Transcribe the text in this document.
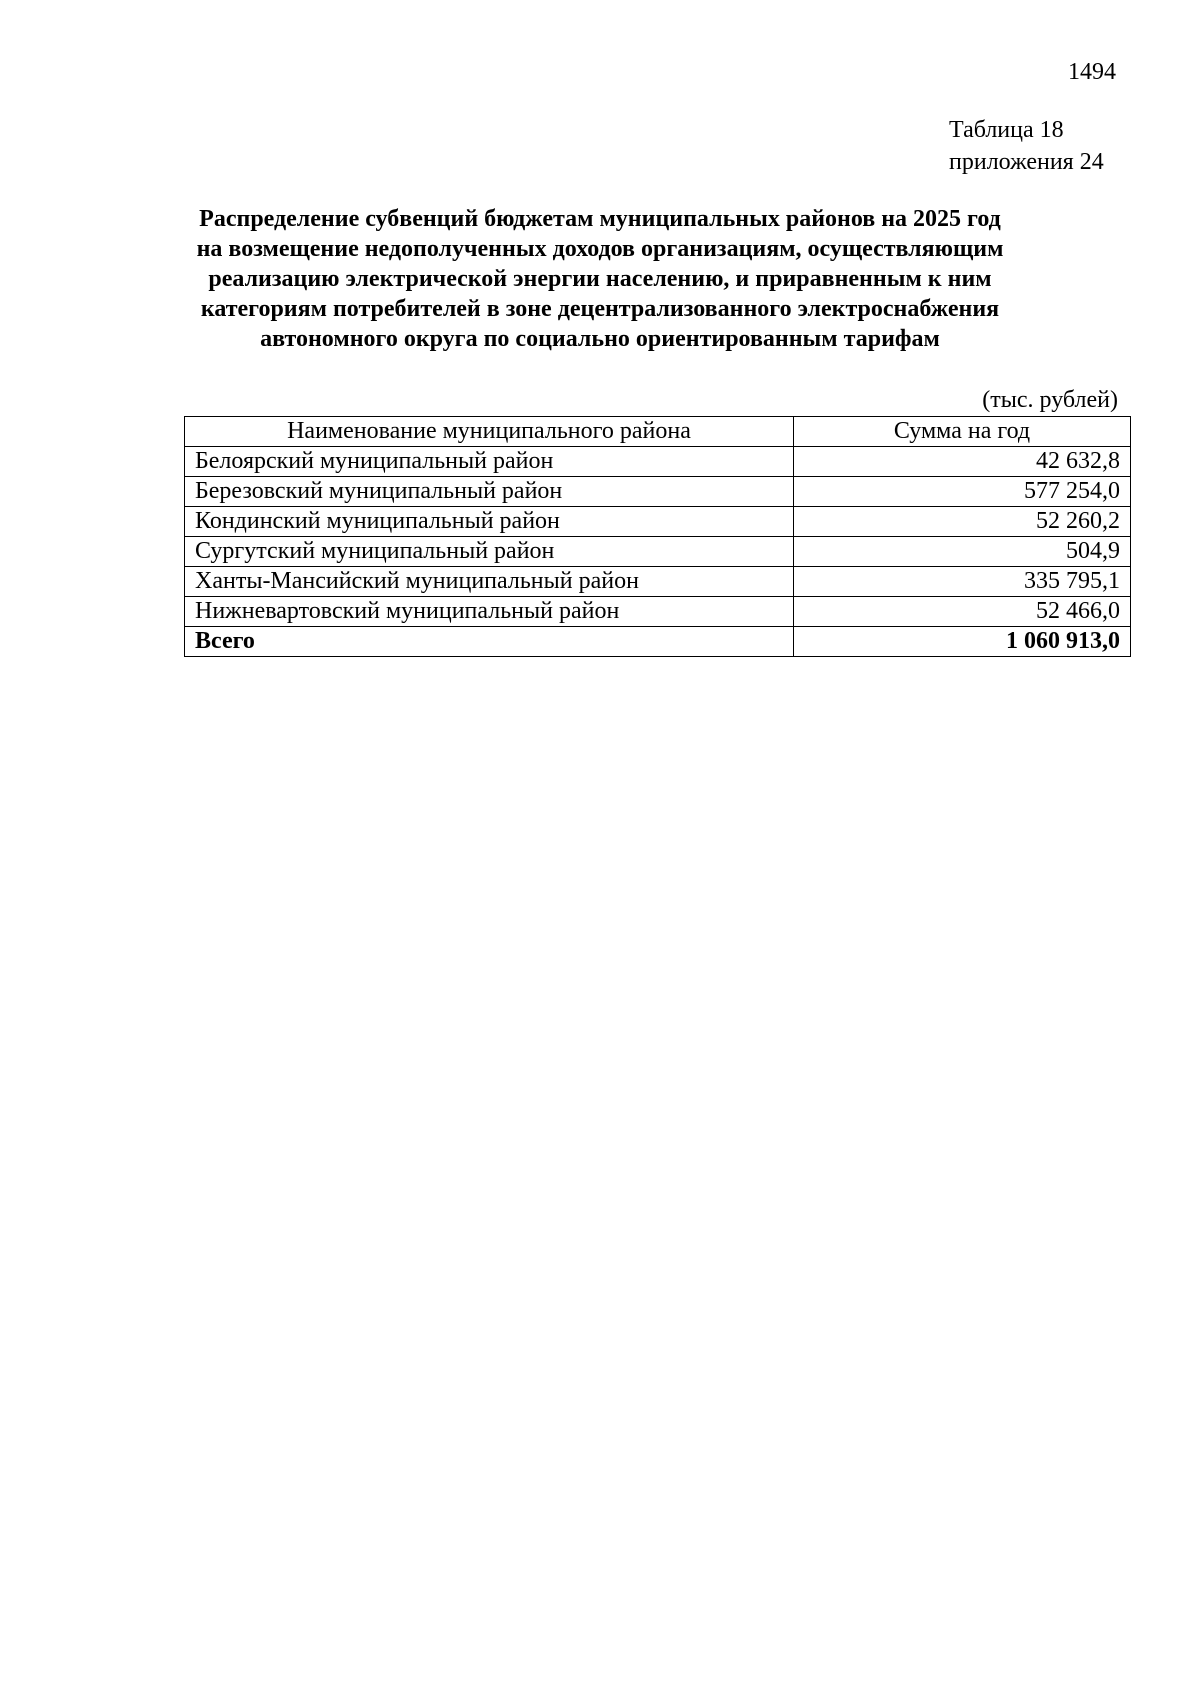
1494
Таблица 18
приложения 24
Распределение субвенций бюджетам муниципальных районов на 2025 год
на возмещение недополученных доходов организациям, осуществляющим
реализацию электрической энергии населению, и приравненным к ним
категориям потребителей в зоне децентрализованного электроснабжения
автономного округа по социально ориентированным тарифам
(тыс. рублей)
Наименование муниципального района	Сумма на год
Белоярский муниципальный район	42 632,8
Березовский муниципальный район	577 254,0
Кондинский муниципальный район	52 260,2
Сургутский муниципальный район	504,9
Ханты-Мансийский муниципальный район	335 795,1
Нижневартовский муниципальный район	52 466,0
Всего	1 060 913,0
